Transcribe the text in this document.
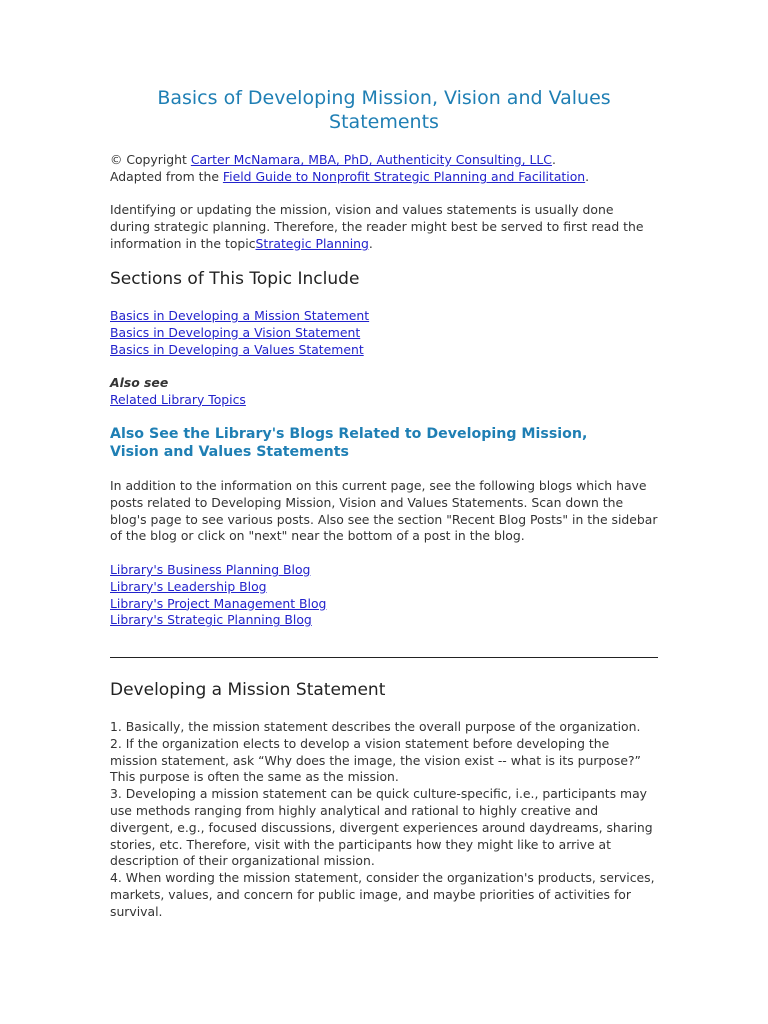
Basics of Developing Mission, Vision and Values Statements

© Copyright Carter McNamara, MBA, PhD, Authenticity Consulting, LLC.
Adapted from the Field Guide to Nonprofit Strategic Planning and Facilitation.

Identifying or updating the mission, vision and values statements is usually done during strategic planning. Therefore, the reader might best be served to first read the information in the topicStrategic Planning.

Sections of This Topic Include
Basics in Developing a Mission Statement
Basics in Developing a Vision Statement
Basics in Developing a Values Statement

Also see
Related Library Topics

Also See the Library's Blogs Related to Developing Mission, Vision and Values Statements

In addition to the information on this current page, see the following blogs which have posts related to Developing Mission, Vision and Values Statements. Scan down the blog's page to see various posts. Also see the section "Recent Blog Posts" in the sidebar of the blog or click on "next" near the bottom of a post in the blog.

Library's Business Planning Blog
Library's Leadership Blog
Library's Project Management Blog
Library's Strategic Planning Blog
Developing a Mission Statement
1. Basically, the mission statement describes the overall purpose of the organization.
2. If the organization elects to develop a vision statement before developing the mission statement, ask “Why does the image, the vision exist -- what is its purpose?” This purpose is often the same as the mission.
3. Developing a mission statement can be quick culture-specific, i.e., participants may use methods ranging from highly analytical and rational to highly creative and divergent, e.g., focused discussions, divergent experiences around daydreams, sharing stories, etc. Therefore, visit with the participants how they might like to arrive at description of their organizational mission.
4. When wording the mission statement, consider the organization's products, services, markets, values, and concern for public image, and maybe priorities of activities for survival.
